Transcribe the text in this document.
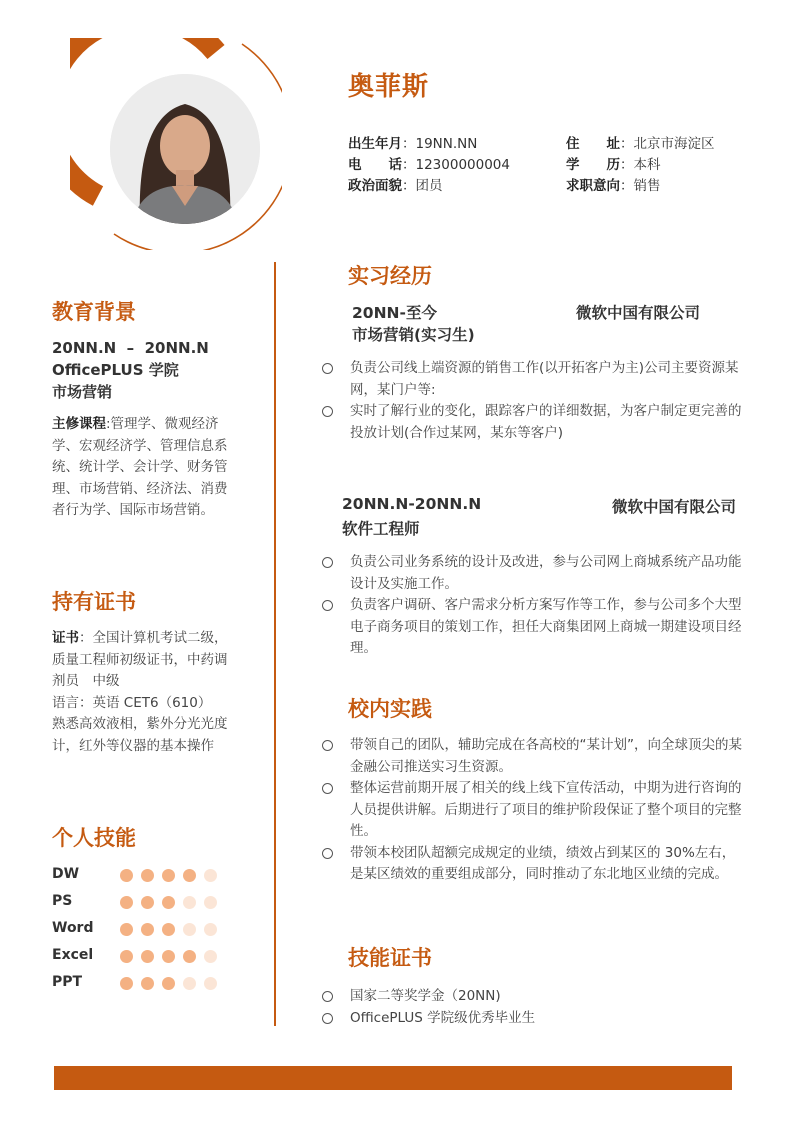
奥菲斯
出生年月：19NN.NN
电　　话：12300000004
政治面貌：团员
住　　址：北京市海淀区
学　　历：本科
求职意向：销售
教育背景
20NN.N  –  20NN.N
OfficePLUS 学院
市场营销
主修课程:管理学、微观经济学、宏观经济学、管理信息系统、统计学、会计学、财务管理、市场营销、经济法、消费者行为学、国际市场营销。
持有证书
证书：全国计算机考试二级，质量工程师初级证书，中药调剂员　中级
语言：英语 CET6（610）
熟悉高效液相，紫外分光光度计，红外等仪器的基本操作
个人技能
DW
PS
Word
Excel
PPT
实习经历
20NN-至今	微软中国有限公司
市场营销(实习生)
负责公司线上端资源的销售工作(以开拓客户为主)公司主要资源某网，某门户等:
实时了解行业的变化，跟踪客户的详细数据，为客户制定更完善的投放计划(合作过某网，某东等客户)
20NN.N-20NN.N	微软中国有限公司
软件工程师
负责公司业务系统的设计及改进，参与公司网上商城系统产品功能设计及实施工作。
负责客户调研、客户需求分析方案写作等工作，参与公司多个大型电子商务项目的策划工作，担任大商集团网上商城一期建设项目经理。
校内实践
带领自己的团队，辅助完成在各高校的“某计划”，向全球顶尖的某金融公司推送实习生资源。
整体运营前期开展了相关的线上线下宣传活动，中期为进行咨询的人员提供讲解。后期进行了项目的维护阶段保证了整个项目的完整性。
带领本校团队超额完成规定的业绩，绩效占到某区的 30%左右，是某区绩效的重要组成部分，同时推动了东北地区业绩的完成。
技能证书
国家二等奖学金（20NN)
OfficePLUS 学院级优秀毕业生
